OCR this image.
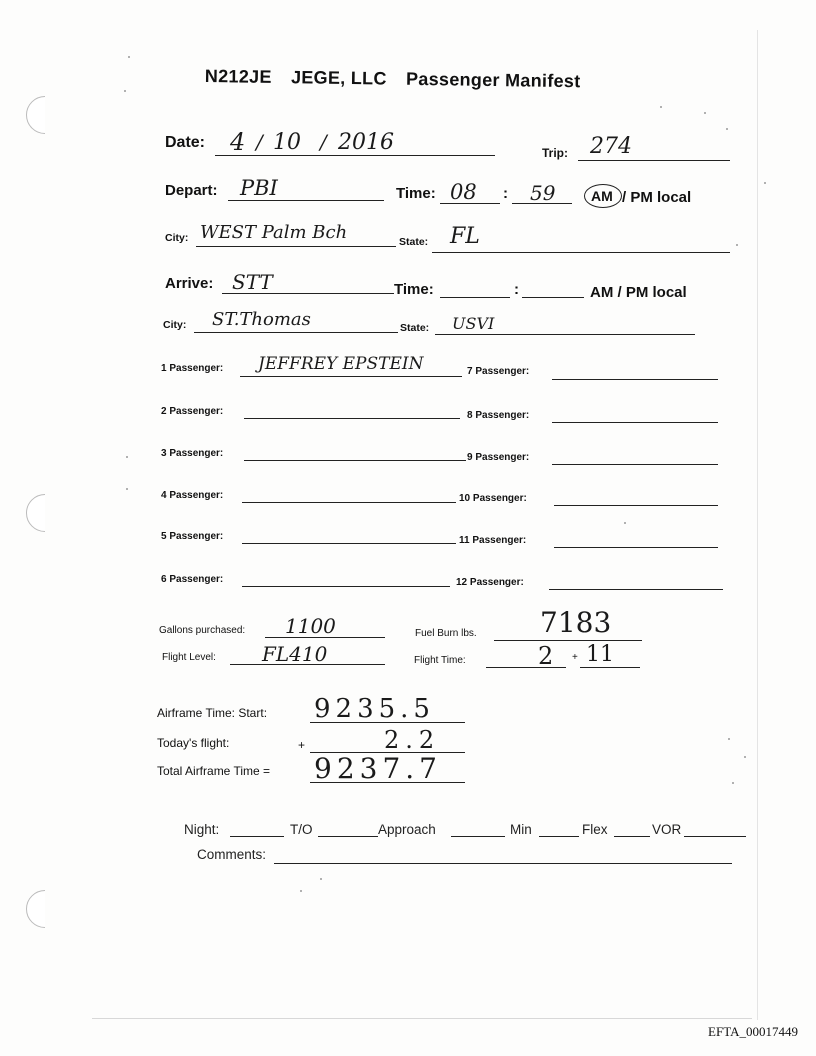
N212JE JEGE, LLC Passenger Manifest
Date: 4 / 10 / 2016	Trip: 274
Depart: PBI	Time: 08 : 59	AM / PM local
City: WEST Palm Bch	State: FL
Arrive: STT	Time:	:	AM / PM local
City: ST.Thomas	State: USVI
1 Passenger: JEFFREY EPSTEIN
2 Passenger:
3 Passenger:
4 Passenger:
5 Passenger:
6 Passenger:
7 Passenger:
8 Passenger:
9 Passenger:
10 Passenger:
11 Passenger:
12 Passenger:
Gallons purchased: 1100	Fuel Burn lbs. 7183
Flight Level: FL410	Flight Time:	2 + 11
Airframe Time: Start: 9235.5
Today's flight:	+	2.2
Total Airframe Time = 9237.7
Night:	T/O	Approach	Min	Flex	VOR
Comments:
EFTA_00017449
